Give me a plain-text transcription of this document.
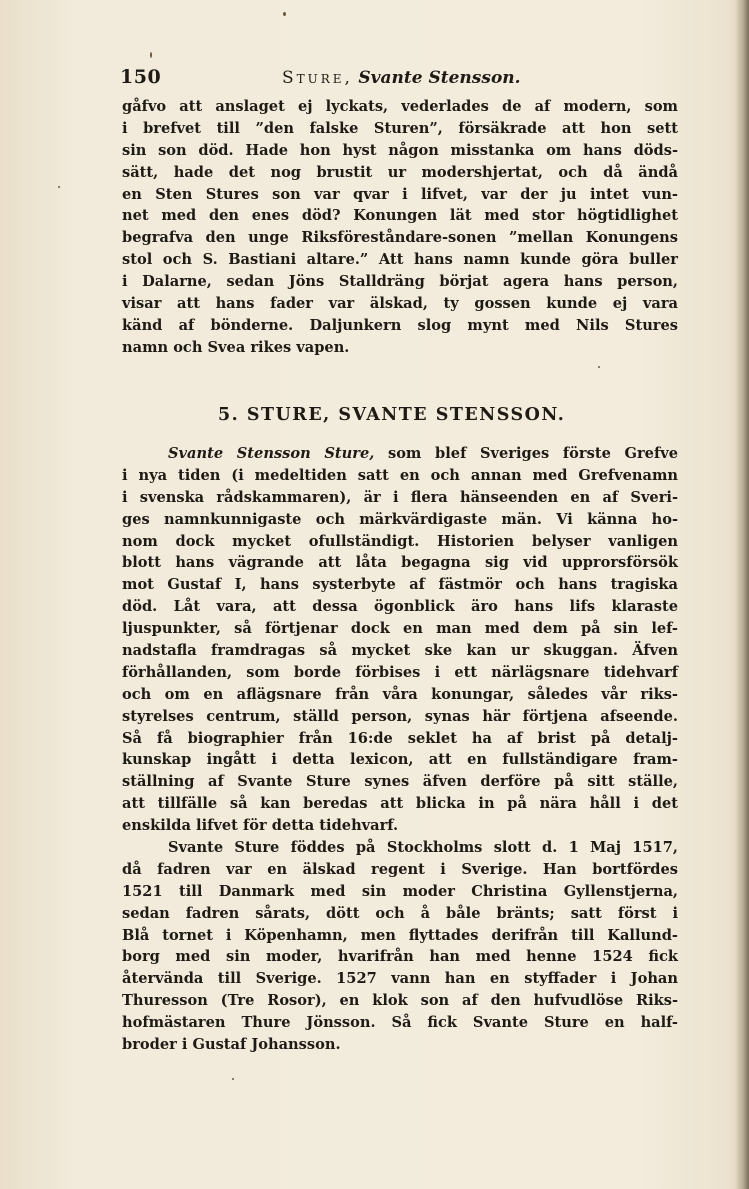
150	Sture, Svante Stensson.
gåfvo att anslaget ej lyckats, vederlades de af modern, som
i brefvet till ”den falske Sturen”, försäkrade att hon sett
sin son död. Hade hon hyst någon misstanka om hans döds-
sätt, hade det nog brustit ur modershjertat, och då ändå
en Sten Stures son var qvar i lifvet, var der ju intet vun-
net med den enes död? Konungen lät med stor högtidlighet
begrafva den unge Riksföreståndare-sonen ”mellan Konungens
stol och S. Bastiani altare.” Att hans namn kunde göra buller
i Dalarne, sedan Jöns Stalldräng börjat agera hans person,
visar att hans fader var älskad, ty gossen kunde ej vara
känd af bönderne. Daljunkern slog mynt med Nils Stures
namn och Svea rikes vapen.
5. STURE, SVANTE STENSSON.
Svante Stensson Sture, som blef Sveriges förste Grefve
i nya tiden (i medeltiden satt en och annan med Grefvenamn
i svenska rådskammaren), är i flera hänseenden en af Sveri-
ges namnkunnigaste och märkvärdigaste män. Vi känna ho-
nom dock mycket ofullständigt. Historien belyser vanligen
blott hans vägrande att låta begagna sig vid upprorsförsök
mot Gustaf I, hans systerbyte af fästmör och hans tragiska
död. Låt vara, att dessa ögonblick äro hans lifs klaraste
ljuspunkter, så förtjenar dock en man med dem på sin lef-
nadstafla framdragas så mycket ske kan ur skuggan. Äfven
förhållanden, som borde förbises i ett närlägsnare tidehvarf
och om en aflägsnare från våra konungar, således vår riks-
styrelses centrum, ställd person, synas här förtjena afseende.
Så få biographier från 16:de seklet ha af brist på detalj-
kunskap ingått i detta lexicon, att en fullständigare fram-
ställning af Svante Sture synes äfven derföre på sitt ställe,
att tillfälle så kan beredas att blicka in på nära håll i det
enskilda lifvet för detta tidehvarf.
Svante Sture föddes på Stockholms slott d. 1 Maj 1517,
då fadren var en älskad regent i Sverige. Han bortfördes
1521 till Danmark med sin moder Christina Gyllenstjerna,
sedan fadren sårats, dött och å båle bränts; satt först i
Blå tornet i Köpenhamn, men flyttades derifrån till Kallund-
borg med sin moder, hvarifrån han med henne 1524 fick
återvända till Sverige. 1527 vann han en styffader i Johan
Thuresson (Tre Rosor), en klok son af den hufvudlöse Riks-
hofmästaren Thure Jönsson. Så fick Svante Sture en half-
broder i Gustaf Johansson.
